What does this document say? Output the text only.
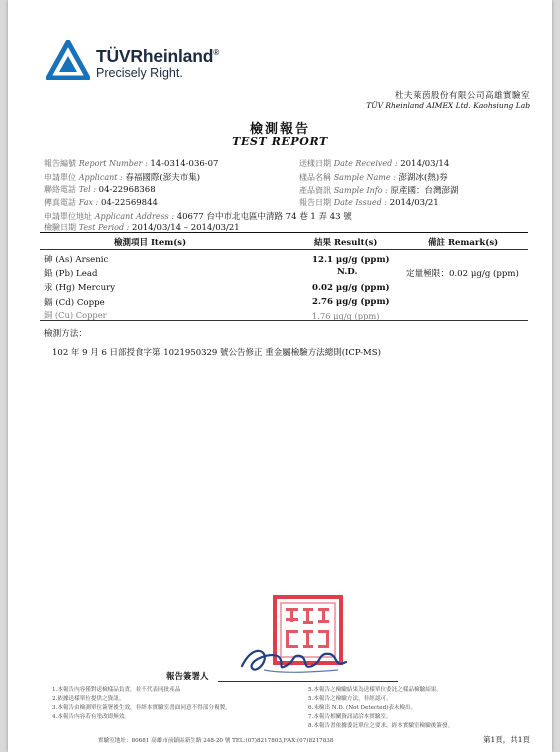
TÜVRheinland®
Precisely Right.
杜夫萊茵股份有限公司高雄實驗室
TÜV Rheinland AIMEX Ltd. Kaohsiung Lab
檢測報告
TEST REPORT
報告編號 Report Number : 14-0314-036-07
申請單位 Applicant : 春福國際(澎夫市集)
聯絡電話 Tel : 04-22968368
傳真電話 Fax : 04-22569844
申請單位地址 Applicant Address : 40677 台中市北屯區中清路 74 巷 1 弄 43 號
檢驗日期 Test Period : 2014/03/14 – 2014/03/21
送樣日期 Date Received : 2014/03/14
樣品名稱 Sample Name : 澎湖冰(熱)券
產品資訊 Sample Info : 原產國：台灣澎湖
報告日期 Date Issued : 2014/03/21
檢測項目 Item(s)	結果 Result(s)	備註 Remark(s)
砷 (As) Arsenic	12.1 μg/g (ppm)
鉛 (Pb) Lead	N.D.	定量極限：0.02 μg/g (ppm)
汞 (Hg) Mercury	0.02 μg/g (ppm)
鎘 (Cd) Coppe	2.76 μg/g (ppm)
銅 (Cu) Copper	1.76 μg/g (ppm)
檢測方法：
102 年 9 月 6 日部授食字第 1021950329 號公告修正 重金屬檢驗方法總則(ICP-MS)
報告簽署人
1.本報告內容僅對送檢樣品負責，並不代表同批產品
2.依據送樣單位提供之資訊。
3.本報告由檢測單位簽署後生效，非經本實驗室書面同意不得部分複製。
4.本報告內容若有塗改即無效。
5.本報告之檢驗結果為送樣單位委託之樣品檢驗結果。
5.本報告之檢驗方法，非經認可。
6.未檢出 N.D. (Not Detected)表未檢出。
7.本報告相關資訊請洽本實驗室。
8.本報告書依據委託單位之要求，經本實驗室檢驗後簽發。
實驗室地址：80681 高雄市前鎮區新生路 248-20 號 TEL:(07)8217803,FAX:(07)8217838	第1頁，共1頁
